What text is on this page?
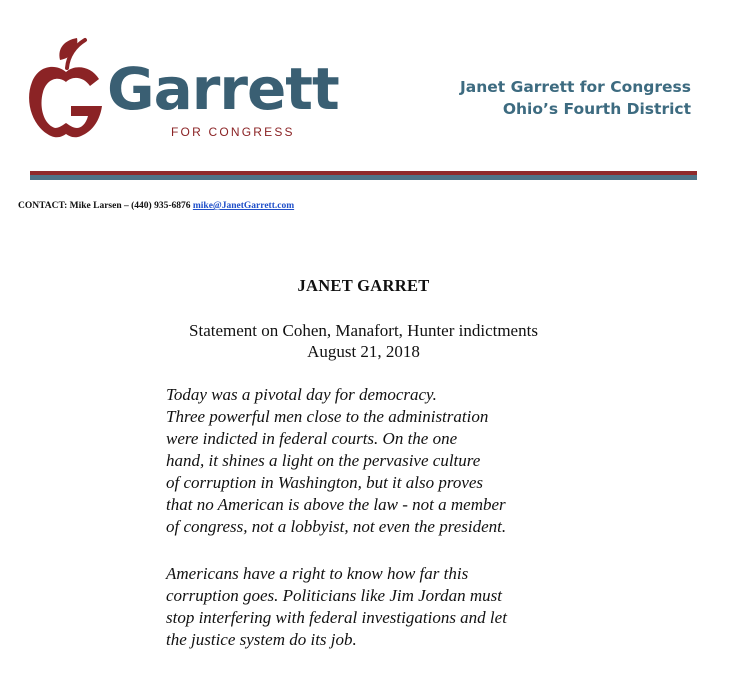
Garrett
FOR CONGRESS
Janet Garrett for Congress
Ohio’s Fourth District
CONTACT: Mike Larsen – (440) 935-6876 mike@JanetGarrett.com
JANET GARRET
Statement on Cohen, Manafort, Hunter indictments
August 21, 2018
Today was a pivotal day for democracy.
Three powerful men close to the administration
were indicted in federal courts. On the one
hand, it shines a light on the pervasive culture
of corruption in Washington, but it also proves
that no American is above the law - not a member
of congress, not a lobbyist, not even the president.
Americans have a right to know how far this
corruption goes. Politicians like Jim Jordan must
stop interfering with federal investigations and let
the justice system do its job.
